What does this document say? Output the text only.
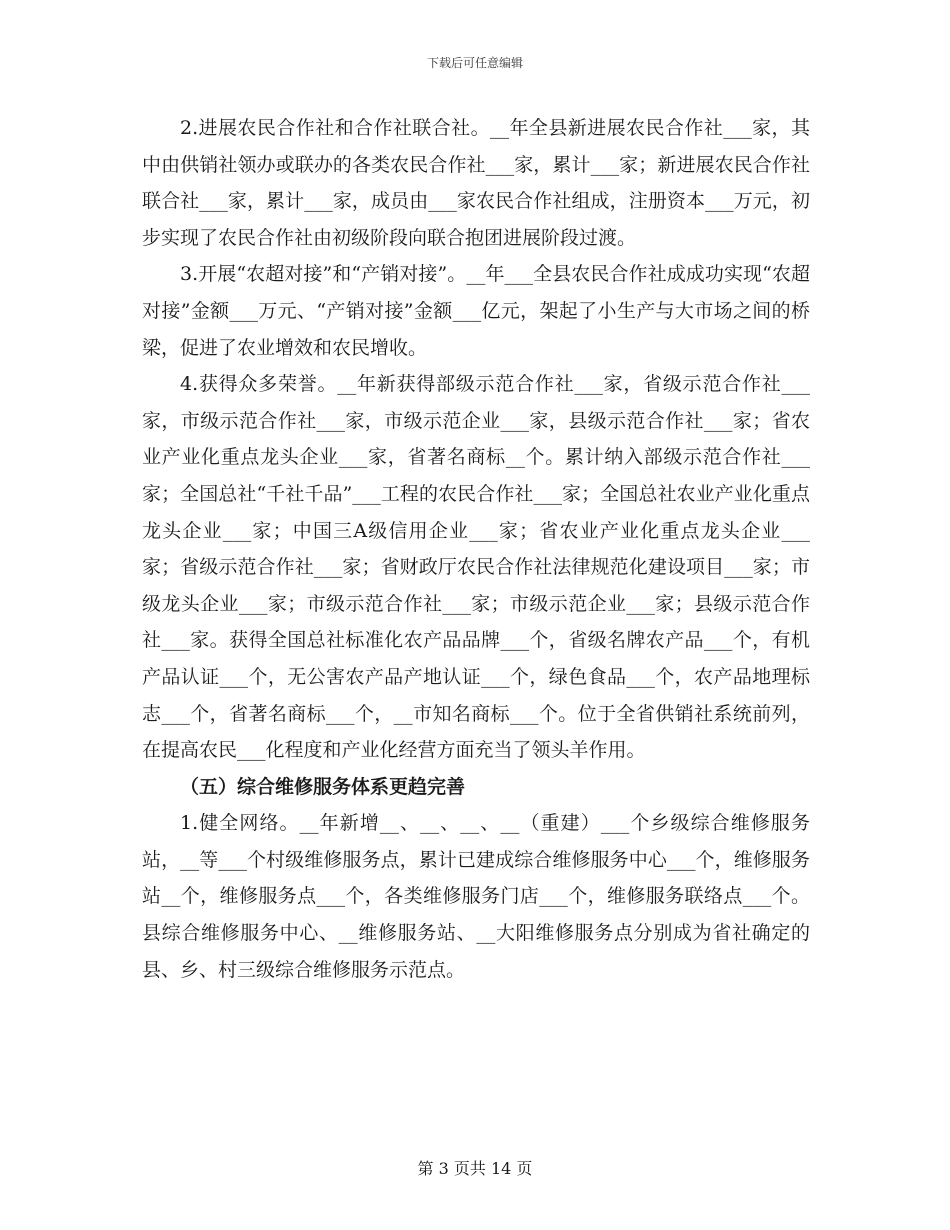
下载后可任意编辑

2.进展农民合作社和合作社联合社。__年全县新进展农民合作社___家，其中由供销社领办或联办的各类农民合作社___家，累计___家；新进展农民合作社联合社___家，累计___家，成员由___家农民合作社组成，注册资本___万元，初步实现了农民合作社由初级阶段向联合抱团进展阶段过渡。

3.开展“农超对接”和“产销对接”。__年___全县农民合作社成成功实现“农超对接”金额___万元、“产销对接”金额___亿元，架起了小生产与大市场之间的桥梁，促进了农业增效和农民增收。

4.获得众多荣誉。__年新获得部级示范合作社___家，省级示范合作社___家，市级示范合作社___家，市级示范企业___家，县级示范合作社___家；省农业产业化重点龙头企业___家，省著名商标__个。累计纳入部级示范合作社___家；全国总社“千社千品”___工程的农民合作社___家；全国总社农业产业化重点龙头企业___家；中国三A级信用企业___家；省农业产业化重点龙头企业___家；省级示范合作社___家；省财政厅农民合作社法律规范化建设项目___家；市级龙头企业___家；市级示范合作社___家；市级示范企业___家；县级示范合作社___家。获得全国总社标准化农产品品牌___个，省级名牌农产品___个，有机产品认证___个，无公害农产品产地认证___个，绿色食品___个，农产品地理标志___个，省著名商标___个，__市知名商标___个。位于全省供销社系统前列，在提高农民___化程度和产业化经营方面充当了领头羊作用。

（五）综合维修服务体系更趋完善

1.健全网络。__年新增__、__、__、__（重建）___个乡级综合维修服务站，__等___个村级维修服务点，累计已建成综合维修服务中心___个，维修服务站__个，维修服务点___个，各类维修服务门店___个，维修服务联络点___个。县综合维修服务中心、__维修服务站、__大阳维修服务点分别成为省社确定的县、乡、村三级综合维修服务示范点。

第 3 页共 14 页
